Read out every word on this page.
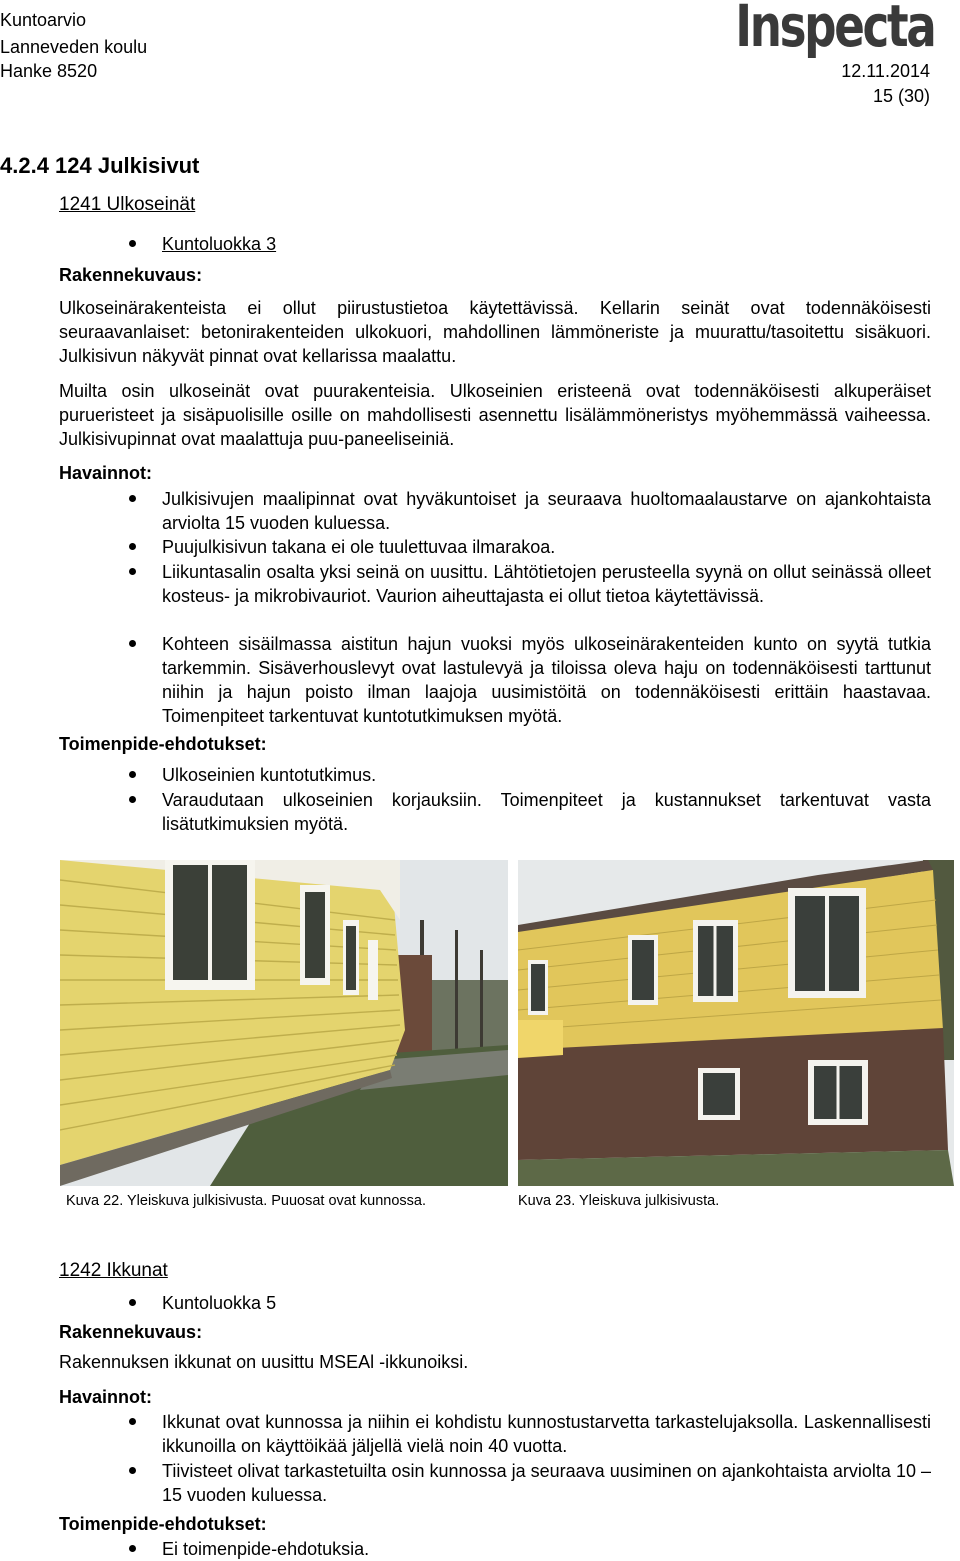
Kuntoarvio
Lanneveden koulu
Hanke 8520
Inspecta
12.11.2014
15 (30)
4.2.4 124 Julkisivut
1241 Ulkoseinät
Kuntoluokka 3
Rakennekuvaus:
Ulkoseinärakenteista ei ollut piirustustietoa käytettävissä. Kellarin seinät ovat todennäköisesti seuraavanlaiset: betonirakenteiden ulkokuori, mahdollinen lämmöneriste ja muurattu/tasoitettu sisäkuori. Julkisivun näkyvät pinnat ovat kellarissa maalattu.
Muilta osin ulkoseinät ovat puurakenteisia. Ulkoseinien eristeenä ovat todennäköisesti alkuperäiset purueristeet ja sisäpuolisille osille on mahdollisesti asennettu lisälämmöneristys myöhemmässä vaiheessa. Julkisivupinnat ovat maalattuja puu-paneeliseiniä.
Havainnot:
Julkisivujen maalipinnat ovat hyväkuntoiset ja seuraava huoltomaalaustarve on ajankohtaista arviolta 15 vuoden kuluessa.
Puujulkisivun takana ei ole tuulettuvaa ilmarakoa.
Liikuntasalin osalta yksi seinä on uusittu. Lähtötietojen perusteella syynä on ollut seinässä olleet kosteus- ja mikrobivauriot. Vaurion aiheuttajasta ei ollut tietoa käytettävissä.
Kohteen sisäilmassa aistitun hajun vuoksi myös ulkoseinärakenteiden kunto on syytä tutkia tarkemmin. Sisäverhouslevyt ovat lastulevyä ja tiloissa oleva haju on todennäköisesti tarttunut niihin ja hajun poisto ilman laajoja uusimistöitä on todennäköisesti erittäin haastavaa. Toimenpiteet tarkentuvat kuntotutkimuksen myötä.
Toimenpide-ehdotukset:
Ulkoseinien kuntotutkimus.
Varaudutaan ulkoseinien korjauksiin. Toimenpiteet ja kustannukset tarkentuvat vasta lisätutkimuksien myötä.
Kuva 22. Yleiskuva julkisivusta. Puuosat ovat kunnossa.	Kuva 23. Yleiskuva julkisivusta.
1242 Ikkunat
Kuntoluokka 5
Rakennekuvaus:
Rakennuksen ikkunat on uusittu MSEAl -ikkunoiksi.
Havainnot:
Ikkunat ovat kunnossa ja niihin ei kohdistu kunnostustarvetta tarkastelujaksolla. Laskennallisesti ikkunoilla on käyttöikää jäljellä vielä noin 40 vuotta.
Tiivisteet olivat tarkastetuilta osin kunnossa ja seuraava uusiminen on ajankohtaista arviolta 10 – 15 vuoden kuluessa.
Toimenpide-ehdotukset:
Ei toimenpide-ehdotuksia.
